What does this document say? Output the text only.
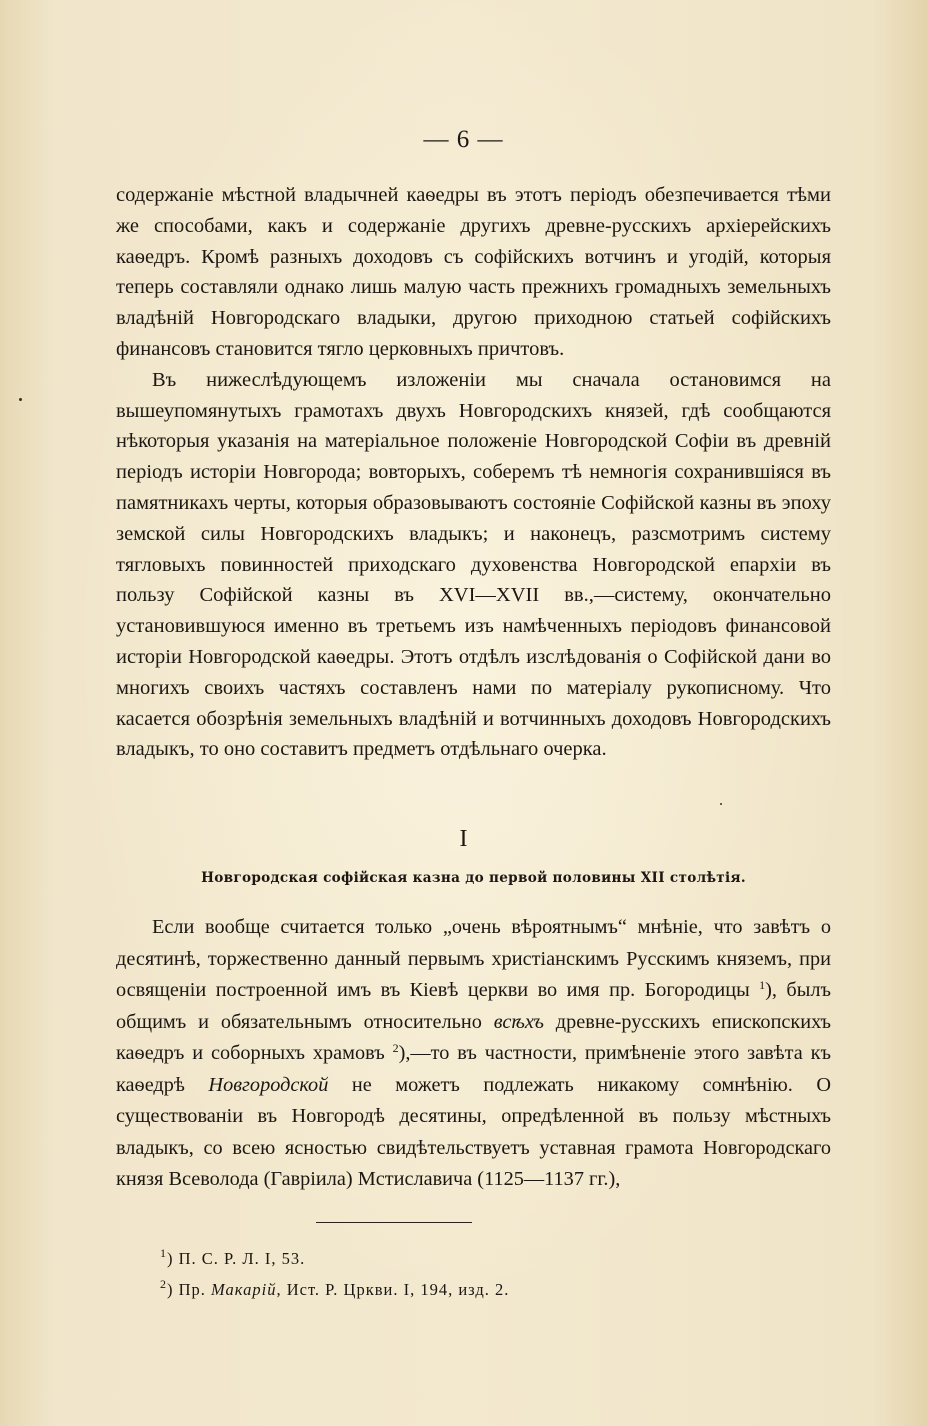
— 6 —

содержаніе мѣстной владычней каѳедры въ этотъ періодъ обезпечивается тѣми же способами, какъ и содержаніе другихъ древне-русскихъ архіерейскихъ каѳедръ. Кромѣ разныхъ доходовъ съ софійскихъ вотчинъ и угодій, которыя теперь составляли однако лишь малую часть прежнихъ громадныхъ земельныхъ владѣній Новгородскаго владыки, другою приходною статьей софійскихъ финансовъ становится тягло церковныхъ причтовъ.

Въ нижеслѣдующемъ изложеніи мы сначала остановимся на вышеупомянутыхъ грамотахъ двухъ Новгородскихъ князей, гдѣ сообщаются нѣкоторыя указанія на матеріальное положеніе Новгородской Софіи въ древній періодъ исторіи Новгорода; вовторыхъ, соберемъ тѣ немногія сохранившіяся въ памятникахъ черты, которыя образовываютъ состояніе Софійской казны въ эпоху земской силы Новгородскихъ владыкъ; и наконецъ, разсмотримъ систему тягловыхъ повинностей приходскаго духовенства Новгородской епархіи въ пользу Софійской казны въ XVI—XVII вв.,—систему, окончательно установившуюся именно въ третьемъ изъ намѣченныхъ періодовъ финансовой исторіи Новгородской каѳедры. Этотъ отдѣлъ изслѣдованія о Софійской дани во многихъ своихъ частяхъ составленъ нами по матеріалу рукописному. Что касается обозрѣнія земельныхъ владѣній и вотчинныхъ доходовъ Новгородскихъ владыкъ, то оно составитъ предметъ отдѣльнаго очерка.

I
Новгородская софійская казна до первой половины XII столѣтія.

Если вообще считается только „очень вѣроятнымъ“ мнѣніе, что завѣтъ о десятинѣ, торжественно данный первымъ христіанскимъ Русскимъ княземъ, при освященіи построенной имъ въ Кіевѣ церкви во имя пр. Богородицы $^1$), былъ общимъ и обязательнымъ относительно всѣхъ древне-русскихъ епископскихъ каѳедръ и соборныхъ храмовъ $^2$),—то въ частности, примѣненіе этого завѣта къ каѳедрѣ Новгородской не можетъ подлежать никакому сомнѣнію. О существованіи въ Новгородѣ десятины, опредѣленной въ пользу мѣстныхъ владыкъ, со всею ясностью свидѣтельствуетъ уставная грамота Новгородскаго князя Всеволода (Гавріила) Мстиславича (1125—1137 гг.),

$^1$) П. С. Р. Л. I, 53.
$^2$) Пр. Макарій, Ист. Р. Цркви. I, 194, изд. 2.
